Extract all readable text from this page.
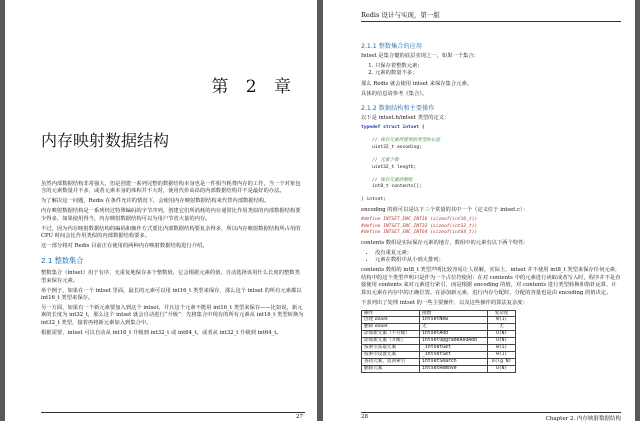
第 2 章
内存映射数据结构

虽然内部数据结构非常强大，但是创建一系列完整的数据结构本身也是一件相当耗费内存的工作，当一个对象包含的元素数量并不多，或者元素本身的体积并不大时，使用代价高昂的内部数据结构并不是最好的办法。

为了解决这一问题，Redis 在条件允许的情况下，会使用内存映射数据结构来代替内部数据结构。

内存映射数据结构是一系列经过特殊编码的字节序列，创建它们所消耗的内存通常比作用类似的内部数据结构要少得多，如果使用得当，内存映射数据结构可以为用户节省大量的内存。

不过，因为内存映射数据结构的编码和操作方式要比内部数据结构要复杂得多，所以内存映射数据结构所占用的 CPU 时间会比作用类似的内部数据结构要多。

这一部分将对 Redis 目前正在使用的两种内存映射数据结构进行介绍。

2.1 整数集合

整数集合（intset）用于有序、无重复地保存多个整数值，它会根据元素的值，自动选择该用什么长度的整数类型来保存元素。

举个例子，如果在一个 intset 里面，最长的元素可以用 int16_t 类型来保存，那么这个 intset 的所有元素都以 int16_t 类型来保存。

另一方面，如果有一个新元素要加入到这个 intset，并且这个元素不能用 int16_t 类型来保存——比如说，新元素的长度为 int32_t，那么这个 intset 就会自动进行“升级”：先将集合中现有的所有元素从 int16_t 类型转换为 int32_t 类型，接着再将新元素加入到集合中。

根据需要，intset 可以自动从 int16_t 升级到 int32_t 或 int64_t，或者从 int32_t 升级到 int64_t。

27
Redis 设计与实现，第一版
2.1.1 整数集合的应用

Intset 是集合键的底层实现之一，如果一个集合：

1. 只保存着整数元素；
2. 元素的数量不多；

那么 Redis 就会使用 intset 来保存集合元素。

具体的信息请参考《集合》。

2.1.2 数据结构和主要操作

以下是 intset.h/intset 类型的定义：

typedef struct intset {

// 保存元素所使用的类型的长度
uint32_t encoding;

// 元素个数
uint32_t length;

// 保存元素的数组
int8_t contents[];

} intset;

encoding 的值可以是以下三个常量的其中一个（定义位于 intset.c）：

#define INTSET_ENC_INT16 (sizeof(int16_t))
#define INTSET_ENC_INT32 (sizeof(int32_t))
#define INTSET_ENC_INT64 (sizeof(int64_t))

contents 数组是实际保存元素的地方，数组中的元素有以下两个特性：

• 没有重复元素；
• 元素在数组中从小到大排列；

contents 数组的 int8_t 类型声明比较容易让人误解，实际上，intset 并不使用 int8_t 类型来保存任何元素，结构中的这个类型声明只是作为一个占位符使用：在对 contents 中的元素进行读取或者写入时，程序并不是直接使用 contents 来对元素进行索引，而是根据 encoding 的值，对 contents 进行类型转换和指针运算，计算出元素在内存中的正确位置。在添加新元素，进行内存分配时，分配的容量也是由 encoding 的值决定。

下表列出了处理 intset 的一些主要操作，以及这些操作的算法复杂度：

操作	函数	复杂度
创建 intset	intsetNew	θ(1)
删除 intset	无	无
添加新元素（不升级）	intsetAdd	O(N)
添加新元素（升级）	intsetUpgradeAndAdd	O(N)
按索引获取元素	_intsetGet	θ(1)
按索引设置元素	_intsetSet	θ(1)
查找元素，返回索引	intsetSearch	O(lg N)
删除元素	intsetRemove	O(N)
28	Chapter 2. 内存映射数据结构
